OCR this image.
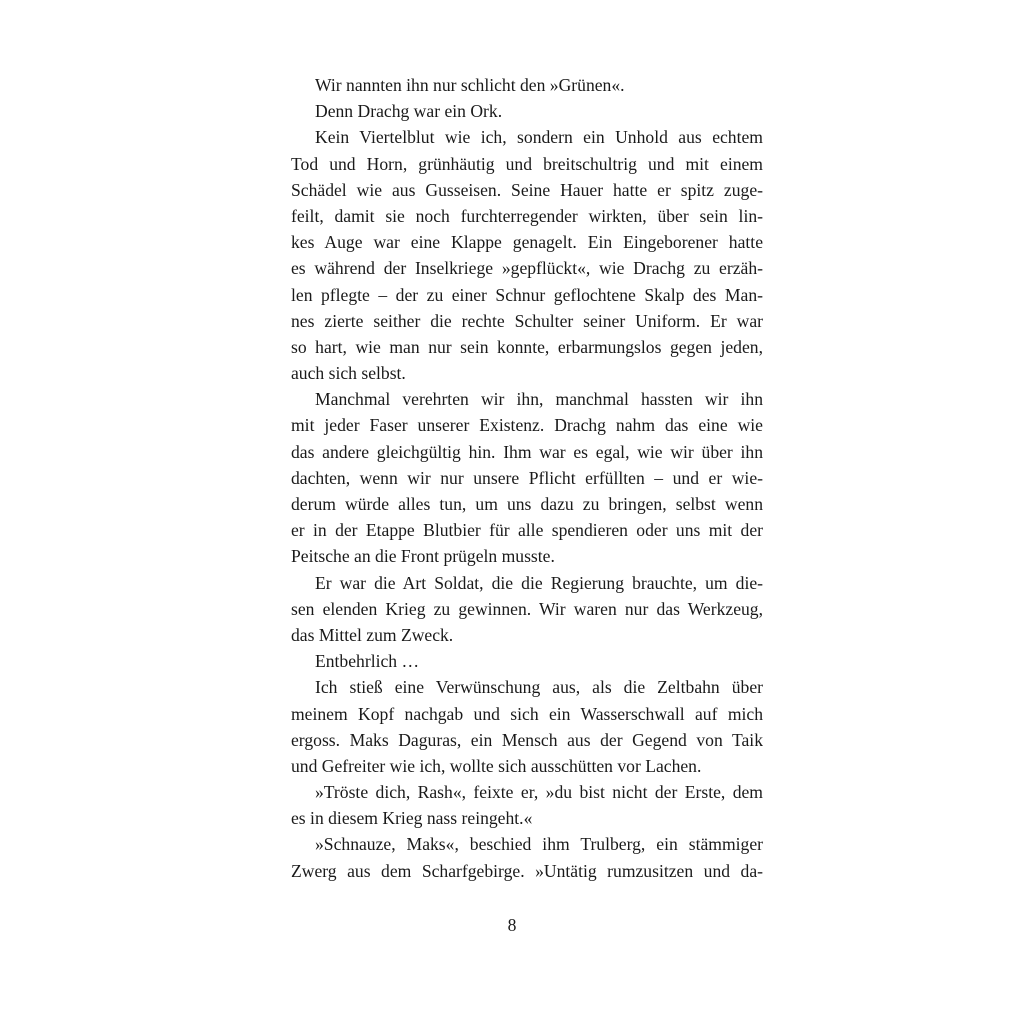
Wir nannten ihn nur schlicht den »Grünen«.
Denn Drachg war ein Ork.
Kein Viertelblut wie ich, sondern ein Unhold aus echtem
Tod und Horn, grünhäutig und breitschultrig und mit einem
Schädel wie aus Gusseisen. Seine Hauer hatte er spitz zuge-
feilt, damit sie noch furchterregender wirkten, über sein lin-
kes Auge war eine Klappe genagelt. Ein Eingeborener hatte
es während der Inselkriege »gepflückt«, wie Drachg zu erzäh-
len pflegte – der zu einer Schnur geflochtene Skalp des Man-
nes zierte seither die rechte Schulter seiner Uniform. Er war
so hart, wie man nur sein konnte, erbarmungslos gegen jeden,
auch sich selbst.
Manchmal verehrten wir ihn, manchmal hassten wir ihn
mit jeder Faser unserer Existenz. Drachg nahm das eine wie
das andere gleichgültig hin. Ihm war es egal, wie wir über ihn
dachten, wenn wir nur unsere Pflicht erfüllten – und er wie-
derum würde alles tun, um uns dazu zu bringen, selbst wenn
er in der Etappe Blutbier für alle spendieren oder uns mit der
Peitsche an die Front prügeln musste.
Er war die Art Soldat, die die Regierung brauchte, um die-
sen elenden Krieg zu gewinnen. Wir waren nur das Werkzeug,
das Mittel zum Zweck.
Entbehrlich …
Ich stieß eine Verwünschung aus, als die Zeltbahn über
meinem Kopf nachgab und sich ein Wasserschwall auf mich
ergoss. Maks Daguras, ein Mensch aus der Gegend von Taik
und Gefreiter wie ich, wollte sich ausschütten vor Lachen.
»Tröste dich, Rash«, feixte er, »du bist nicht der Erste, dem
es in diesem Krieg nass reingeht.«
»Schnauze, Maks«, beschied ihm Trulberg, ein stämmiger
Zwerg aus dem Scharfgebirge. »Untätig rumzusitzen und da-
8
